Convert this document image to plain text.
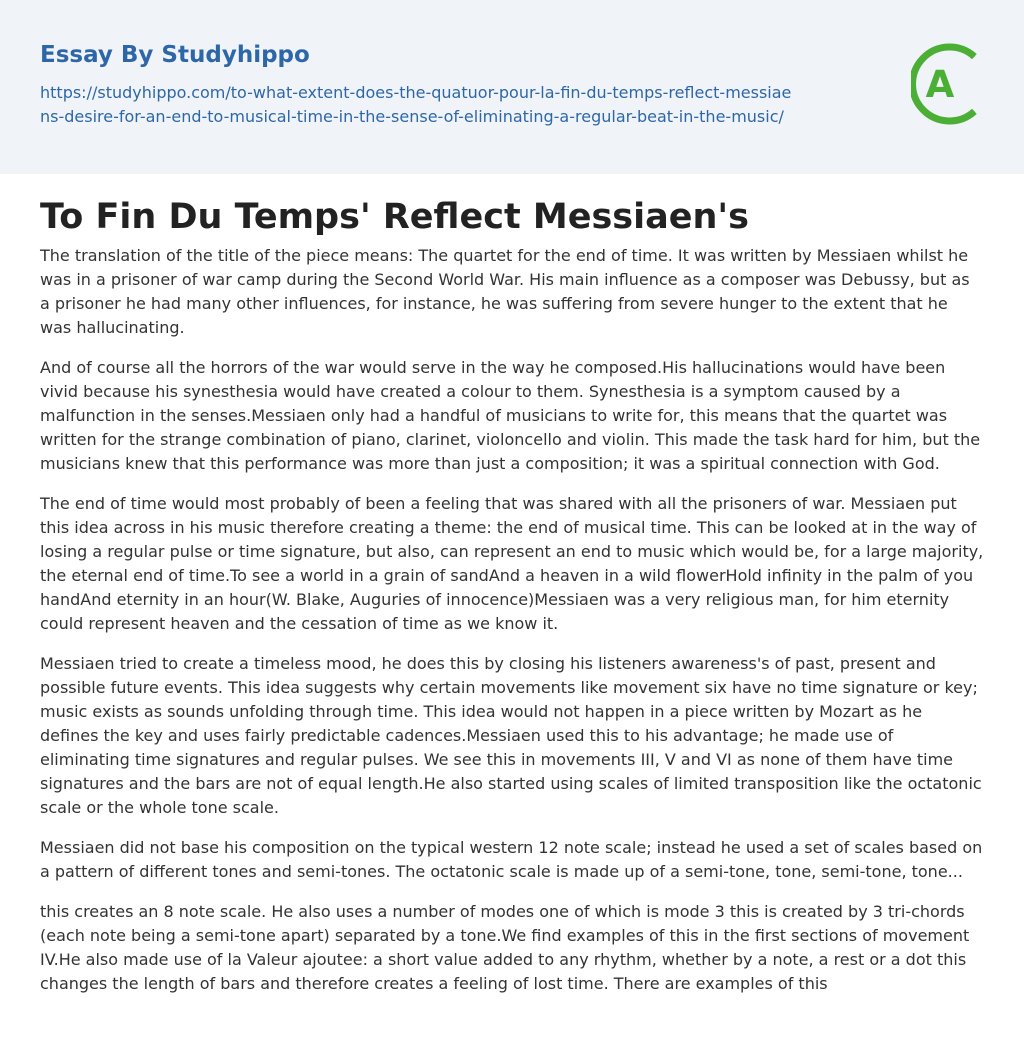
Essay By Studyhippo
https://studyhippo.com/to-what-extent-does-the-quatuor-pour-la-fin-du-temps-reflect-messiaens-desire-for-an-end-to-musical-time-in-the-sense-of-eliminating-a-regular-beat-in-the-music/
A
To Fin Du Temps' Reflect Messiaen's

The translation of the title of the piece means: The quartet for the end of time. It was written by Messiaen whilst he was in a prisoner of war camp during the Second World War. His main influence as a composer was Debussy, but as a prisoner he had many other influences, for instance, he was suffering from severe hunger to the extent that he was hallucinating.

And of course all the horrors of the war would serve in the way he composed.His hallucinations would have been vivid because his synesthesia would have created a colour to them. Synesthesia is a symptom caused by a malfunction in the senses.Messiaen only had a handful of musicians to write for, this means that the quartet was written for the strange combination of piano, clarinet, violoncello and violin. This made the task hard for him, but the musicians knew that this performance was more than just a composition; it was a spiritual connection with God.

The end of time would most probably of been a feeling that was shared with all the prisoners of war. Messiaen put this idea across in his music therefore creating a theme: the end of musical time. This can be looked at in the way of losing a regular pulse or time signature, but also, can represent an end to music which would be, for a large majority, the eternal end of time.To see a world in a grain of sandAnd a heaven in a wild flowerHold infinity in the palm of you handAnd eternity in an hour(W. Blake, Auguries of innocence)Messiaen was a very religious man, for him eternity could represent heaven and the cessation of time as we know it.

Messiaen tried to create a timeless mood, he does this by closing his listeners awareness's of past, present and possible future events. This idea suggests why certain movements like movement six have no time signature or key; music exists as sounds unfolding through time. This idea would not happen in a piece written by Mozart as he defines the key and uses fairly predictable cadences.Messiaen used this to his advantage; he made use of eliminating time signatures and regular pulses. We see this in movements III, V and VI as none of them have time signatures and the bars are not of equal length.He also started using scales of limited transposition like the octatonic scale or the whole tone scale.

Messiaen did not base his composition on the typical western 12 note scale; instead he used a set of scales based on a pattern of different tones and semi-tones. The octatonic scale is made up of a semi-tone, tone, semi-tone, tone...

this creates an 8 note scale. He also uses a number of modes one of which is mode 3 this is created by 3 tri-chords (each note being a semi-tone apart) separated by a tone.We find examples of this in the first sections of movement IV.He also made use of la Valeur ajoutee: a short value added to any rhythm, whether by a note, a rest or a dot this changes the length of bars and therefore creates a feeling of lost time. There are examples of this
